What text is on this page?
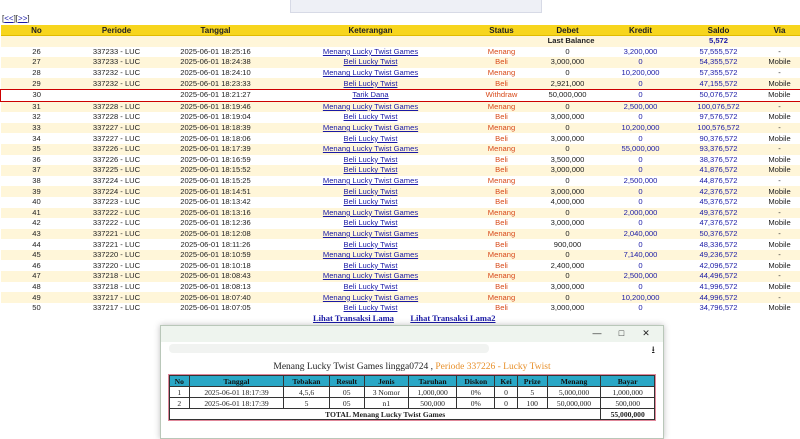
[<<][>>]
No	Periode	Tanggal	Keterangan	Status	Debet	Kredit	Saldo	Via
Last Balance							5,572	
26	337233 - LUC	2025-06-01 18:25:16	Menang Lucky Twist Games	Menang	0	3,200,000	57,555,572	-
27	337233 - LUC	2025-06-01 18:24:38	Beli Lucky Twist	Beli	3,000,000	0	54,355,572	Mobile
28	337232 - LUC	2025-06-01 18:24:10	Menang Lucky Twist Games	Menang	0	10,200,000	57,355,572	-
29	337232 - LUC	2025-06-01 18:23:33	Beli Lucky Twist	Beli	2,921,000	0	47,155,572	Mobile
30		2025-06-01 18:21:27	Tarik Dana	Withdraw	50,000,000	0	50,076,572	Mobile
31	337228 - LUC	2025-06-01 18:19:46	Menang Lucky Twist Games	Menang	0	2,500,000	100,076,572	-
32	337228 - LUC	2025-06-01 18:19:04	Beli Lucky Twist	Beli	3,000,000	0	97,576,572	Mobile
33	337227 - LUC	2025-06-01 18:18:39	Menang Lucky Twist Games	Menang	0	10,200,000	100,576,572	-
34	337227 - LUC	2025-06-01 18:18:06	Beli Lucky Twist	Beli	3,000,000	0	90,376,572	Mobile
35	337226 - LUC	2025-06-01 18:17:39	Menang Lucky Twist Games	Menang	0	55,000,000	93,376,572	-
36	337226 - LUC	2025-06-01 18:16:59	Beli Lucky Twist	Beli	3,500,000	0	38,376,572	Mobile
37	337225 - LUC	2025-06-01 18:15:52	Beli Lucky Twist	Beli	3,000,000	0	41,876,572	Mobile
38	337224 - LUC	2025-06-01 18:15:25	Menang Lucky Twist Games	Menang	0	2,500,000	44,876,572	-
39	337224 - LUC	2025-06-01 18:14:51	Beli Lucky Twist	Beli	3,000,000	0	42,376,572	Mobile
40	337223 - LUC	2025-06-01 18:13:42	Beli Lucky Twist	Beli	4,000,000	0	45,376,572	Mobile
41	337222 - LUC	2025-06-01 18:13:16	Menang Lucky Twist Games	Menang	0	2,000,000	49,376,572	-
42	337222 - LUC	2025-06-01 18:12:36	Beli Lucky Twist	Beli	3,000,000	0	47,376,572	Mobile
43	337221 - LUC	2025-06-01 18:12:08	Menang Lucky Twist Games	Menang	0	2,040,000	50,376,572	-
44	337221 - LUC	2025-06-01 18:11:26	Beli Lucky Twist	Beli	900,000	0	48,336,572	Mobile
45	337220 - LUC	2025-06-01 18:10:59	Menang Lucky Twist Games	Menang	0	7,140,000	49,236,572	-
46	337220 - LUC	2025-06-01 18:10:18	Beli Lucky Twist	Beli	2,400,000	0	42,096,572	Mobile
47	337218 - LUC	2025-06-01 18:08:43	Menang Lucky Twist Games	Menang	0	2,500,000	44,496,572	-
48	337218 - LUC	2025-06-01 18:08:13	Beli Lucky Twist	Beli	3,000,000	0	41,996,572	Mobile
49	337217 - LUC	2025-06-01 18:07:40	Menang Lucky Twist Games	Menang	0	10,200,000	44,996,572	-
50	337217 - LUC	2025-06-01 18:07:05	Beli Lucky Twist	Beli	3,000,000	0	34,796,572	Mobile
Lihat Transaksi Lama Lihat Transaksi Lama2
— □ ✕
⭳
Menang Lucky Twist Games lingga0724 , Periode 337226 - Lucky Twist
No	Tanggal	Tebakan	Result	Jenis	Taruhan	Diskon	Kei	Prize	Menang	Bayar
1	2025-06-01 18:17:39	4,5,6	05	3 Nomor	1,000,000	0%	0	5	5,000,000	1,000,000
2	2025-06-01 18:17:39	5	05	n1	500,000	0%	0	100	50,000,000	500,000
TOTAL Menang Lucky Twist Games										55,000,000
